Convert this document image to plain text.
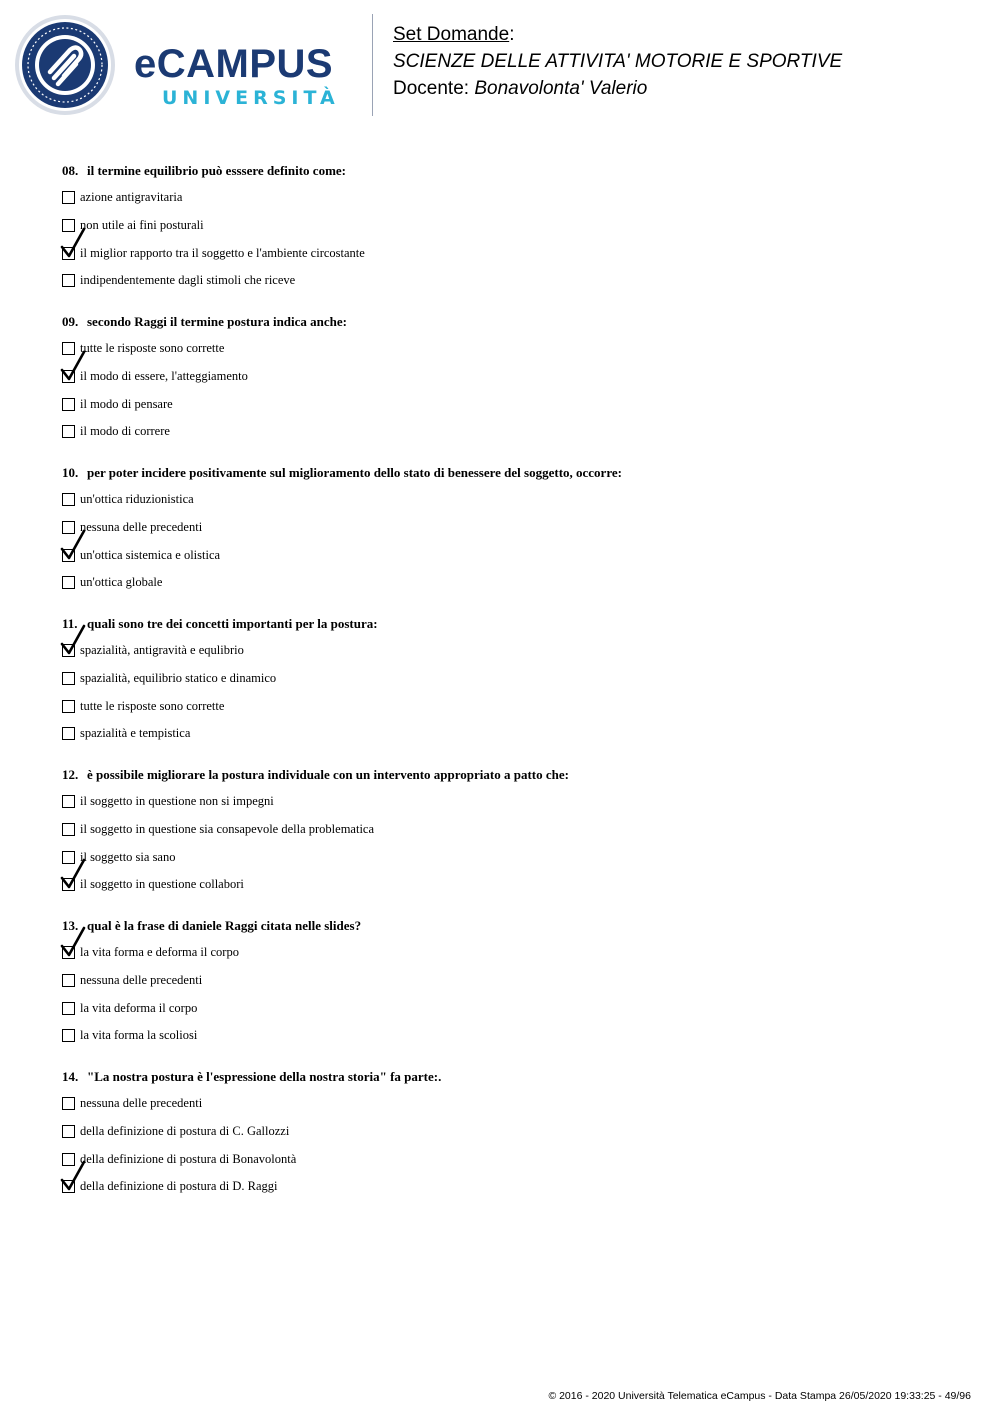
eCAMPUS
UNIVERSITÀ
Set Domande:
SCIENZE DELLE ATTIVITA' MOTORIE E SPORTIVE
Docente: Bonavolonta' Valerio
08. il termine equilibrio può esssere definito come:
azione antigravitaria
non utile ai fini posturali
il miglior rapporto tra il soggetto e l'ambiente circostante
indipendentemente dagli stimoli che riceve
09. secondo Raggi il termine postura indica anche:
tutte le risposte sono corrette
il modo di essere, l'atteggiamento
il modo di pensare
il modo di correre
10. per poter incidere positivamente sul miglioramento dello stato di benessere del soggetto, occorre:
un'ottica riduzionistica
nessuna delle precedenti
un'ottica sistemica e olistica
un'ottica globale
11. quali sono tre dei concetti importanti per la postura:
spazialità, antigravità e equlibrio
spazialità, equilibrio statico e dinamico
tutte le risposte sono corrette
spazialità e tempistica
12. è possibile migliorare la postura individuale con un intervento appropriato a patto che:
il soggetto in questione non si impegni
il soggetto in questione sia consapevole della problematica
il soggetto sia sano
il soggetto in questione collabori
13. qual è la frase di daniele Raggi citata nelle slides?
la vita forma e deforma il corpo
nessuna delle precedenti
la vita deforma il corpo
la vita forma la scoliosi
14. "La nostra postura è l'espressione della nostra storia" fa parte:.
nessuna delle precedenti
della definizione di postura di C. Gallozzi
della definizione di postura di Bonavolontà
della definizione di postura di D. Raggi
© 2016 - 2020 Università Telematica eCampus - Data Stampa 26/05/2020 19:33:25 - 49/96
